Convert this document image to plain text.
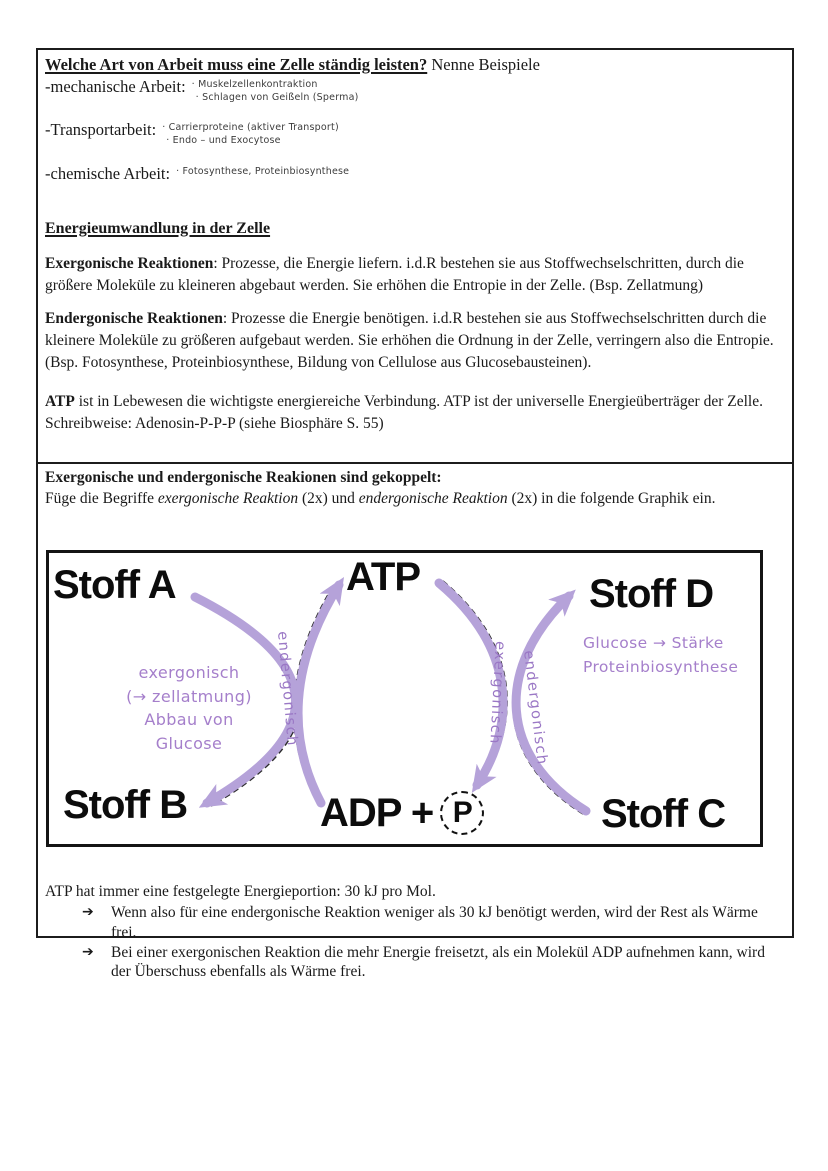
Welche Art von Arbeit muss eine Zelle ständig leisten? Nenne Beispiele
-mechanische Arbeit: · Muskelzellenkontraktion
· Schlagen von Geißeln (Sperma)
-Transportarbeit: · Carrierproteine (aktiver Transport)
· Endo – und Exocytose
-chemische Arbeit: · Fotosynthese, Proteinbiosynthese
Energieumwandlung in der Zelle
Exergonische Reaktionen: Prozesse, die Energie liefern. i.d.R bestehen sie aus Stoffwechselschritten, durch die größere Moleküle zu kleineren abgebaut werden. Sie erhöhen die Entropie in der Zelle. (Bsp. Zellatmung)
Endergonische Reaktionen: Prozesse die Energie benötigen. i.d.R bestehen sie aus Stoffwechselschritten durch die kleinere Moleküle zu größeren aufgebaut werden. Sie erhöhen die Ordnung in der Zelle, verringern also die Entropie. (Bsp. Fotosynthese, Proteinbiosynthese, Bildung von Cellulose aus Glucosebausteinen).
ATP ist in Lebewesen die wichtigste energiereiche Verbindung. ATP ist der universelle Energieüberträger der Zelle. Schreibweise: Adenosin-P-P-P (siehe Biosphäre S. 55)
Exergonische und endergonische Reakionen sind gekoppelt:
Füge die Begriffe exergonische Reaktion (2x) und endergonische Reaktion (2x) in die folgende Graphik ein.
Stoff A	ATP	Stoff D
Stoff B	ADP + P	Stoff C
endergonisch	exergonisch endergonisch
exergonisch
(→ zellatmung)
Abbau von
Glucose
Glucose → Stärke
Proteinbiosynthese
ATP hat immer eine festgelegte Energieportion: 30 kJ pro Mol.
➔	Wenn also für eine endergonische Reaktion weniger als 30 kJ benötigt werden, wird der Rest als Wärme frei.
➔	Bei einer exergonischen Reaktion die mehr Energie freisetzt, als ein Molekül ADP aufnehmen kann, wird der Überschuss ebenfalls als Wärme frei.
